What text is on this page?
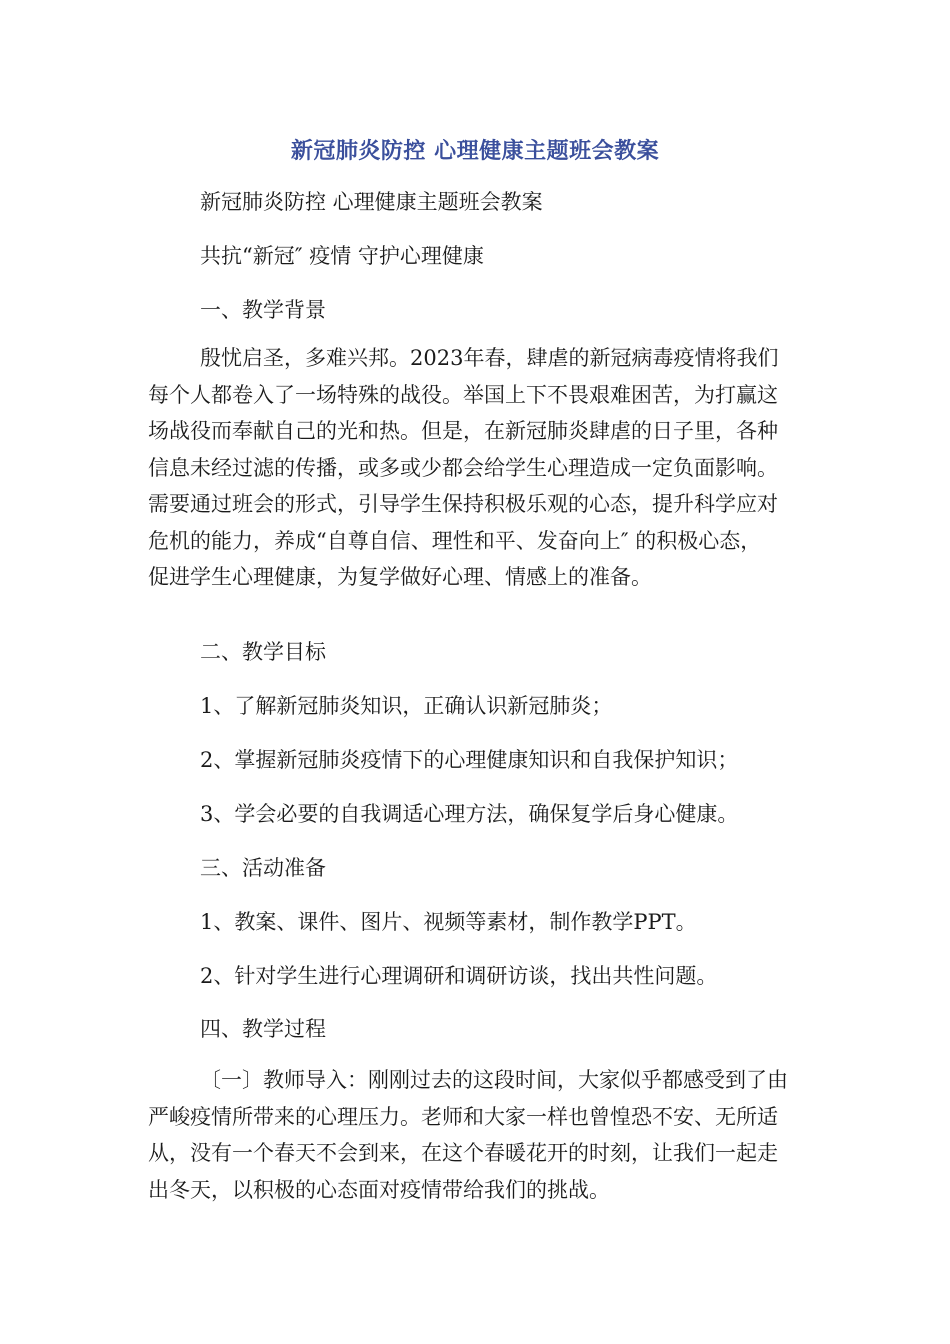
新冠肺炎防控 心理健康主题班会教案
新冠肺炎防控 心理健康主题班会教案
共抗“新冠″ 疫情 守护心理健康
一、教学背景
殷忧启圣，多难兴邦。2023年春，肆虐的新冠病毒疫情将我们
每个人都卷入了一场特殊的战役。举国上下不畏艰难困苦，为打赢这
场战役而奉献自己的光和热。但是，在新冠肺炎肆虐的日子里，各种
信息未经过滤的传播，或多或少都会给学生心理造成一定负面影响。
需要通过班会的形式，引导学生保持积极乐观的心态，提升科学应对
危机的能力，养成“自尊自信、理性和平、发奋向上″ 的积极心态，
促进学生心理健康，为复学做好心理、情感上的准备。
二、教学目标
1、了解新冠肺炎知识，正确认识新冠肺炎；
2、掌握新冠肺炎疫情下的心理健康知识和自我保护知识；
3、学会必要的自我调适心理方法，确保复学后身心健康。
三、活动准备
1、教案、课件、图片、视频等素材，制作教学PPT。
2、针对学生进行心理调研和调研访谈，找出共性问题。
四、教学过程
〔一〕教师导入：刚刚过去的这段时间，大家似乎都感受到了由
严峻疫情所带来的心理压力。老师和大家一样也曾惶恐不安、无所适
从，没有一个春天不会到来，在这个春暖花开的时刻，让我们一起走
出冬天，以积极的心态面对疫情带给我们的挑战。
